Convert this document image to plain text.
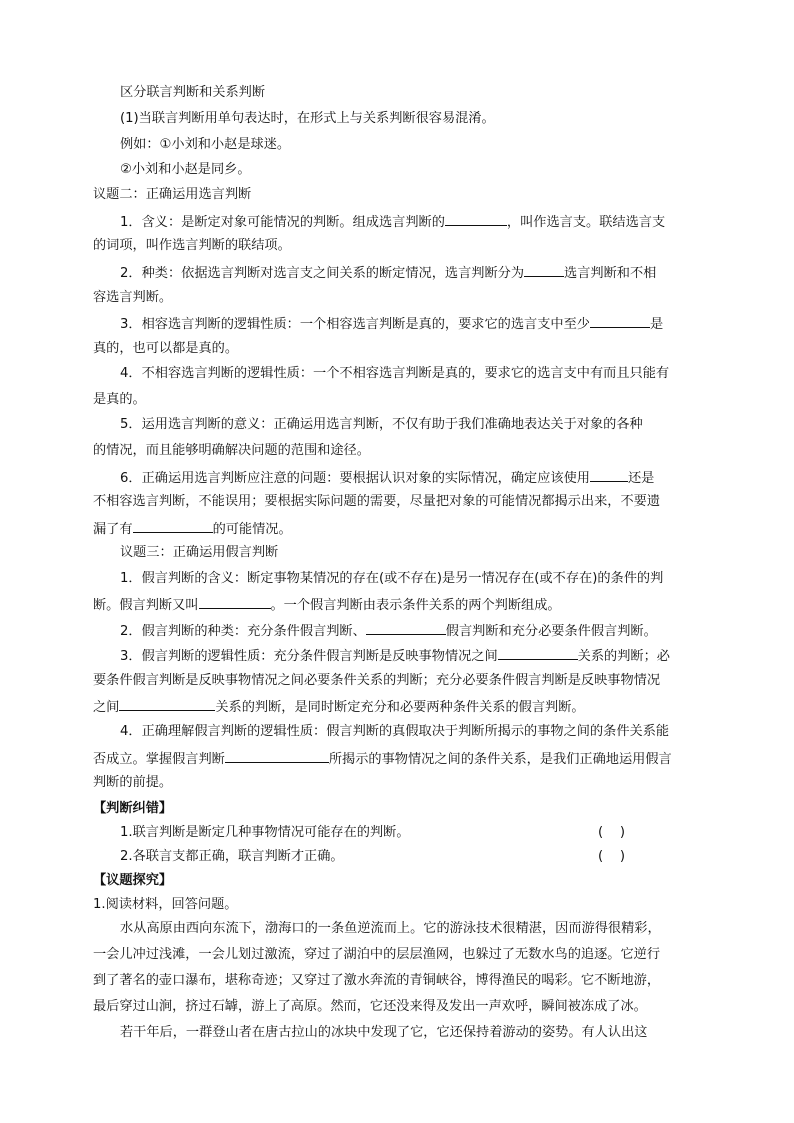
区分联言判断和关系判断
(1)当联言判断用单句表达时，在形式上与关系判断很容易混淆。
例如：①小刘和小赵是球迷。
②小刘和小赵是同乡。
议题二：正确运用选言判断
1．含义：是断定对象可能情况的判断。组成选言判断的	，叫作选言支。联结选言支
的词项，叫作选言判断的联结项。
2．种类：依据选言判断对选言支之间关系的断定情况，选言判断分为	选言判断和不相
容选言判断。
3．相容选言判断的逻辑性质：一个相容选言判断是真的，要求它的选言支中至少	是
真的，也可以都是真的。
4．不相容选言判断的逻辑性质：一个不相容选言判断是真的，要求它的选言支中有而且只能有
是真的。
5．运用选言判断的意义：正确运用选言判断，不仅有助于我们准确地表达关于对象的各种
的情况，而且能够明确解决问题的范围和途径。
6．正确运用选言判断应注意的问题：要根据认识对象的实际情况，确定应该使用	还是
不相容选言判断，不能误用；要根据实际问题的需要，尽量把对象的可能情况都揭示出来，不要遗
漏了有	的可能情况。
议题三：正确运用假言判断
1．假言判断的含义：断定事物某情况的存在(或不存在)是另一情况存在(或不存在)的条件的判
断。假言判断又叫	。一个假言判断由表示条件关系的两个判断组成。
2．假言判断的种类：充分条件假言判断、	假言判断和充分必要条件假言判断。
3．假言判断的逻辑性质：充分条件假言判断是反映事物情况之间	关系的判断；必
要条件假言判断是反映事物情况之间必要条件关系的判断；充分必要条件假言判断是反映事物情况
之间	关系的判断，是同时断定充分和必要两种条件关系的假言判断。
4．正确理解假言判断的逻辑性质：假言判断的真假取决于判断所揭示的事物之间的条件关系能
否成立。掌握假言判断	所揭示的事物情况之间的条件关系，是我们正确地运用假言
判断的前提。
【判断纠错】
1.联言判断是断定几种事物情况可能存在的判断。	(    )
2.各联言支都正确，联言判断才正确。	(    )
【议题探究】
1.阅读材料，回答问题。
水从高原由西向东流下，渤海口的一条鱼逆流而上。它的游泳技术很精湛，因而游得很精彩，
一会儿冲过浅滩，一会儿划过激流，穿过了湖泊中的层层渔网，也躲过了无数水鸟的追逐。它逆行
到了著名的壶口瀑布，堪称奇迹；又穿过了激水奔流的青铜峡谷，博得渔民的喝彩。它不断地游，
最后穿过山涧，挤过石罅，游上了高原。然而，它还没来得及发出一声欢呼，瞬间被冻成了冰。
若干年后，一群登山者在唐古拉山的冰块中发现了它，它还保持着游动的姿势。有人认出这
